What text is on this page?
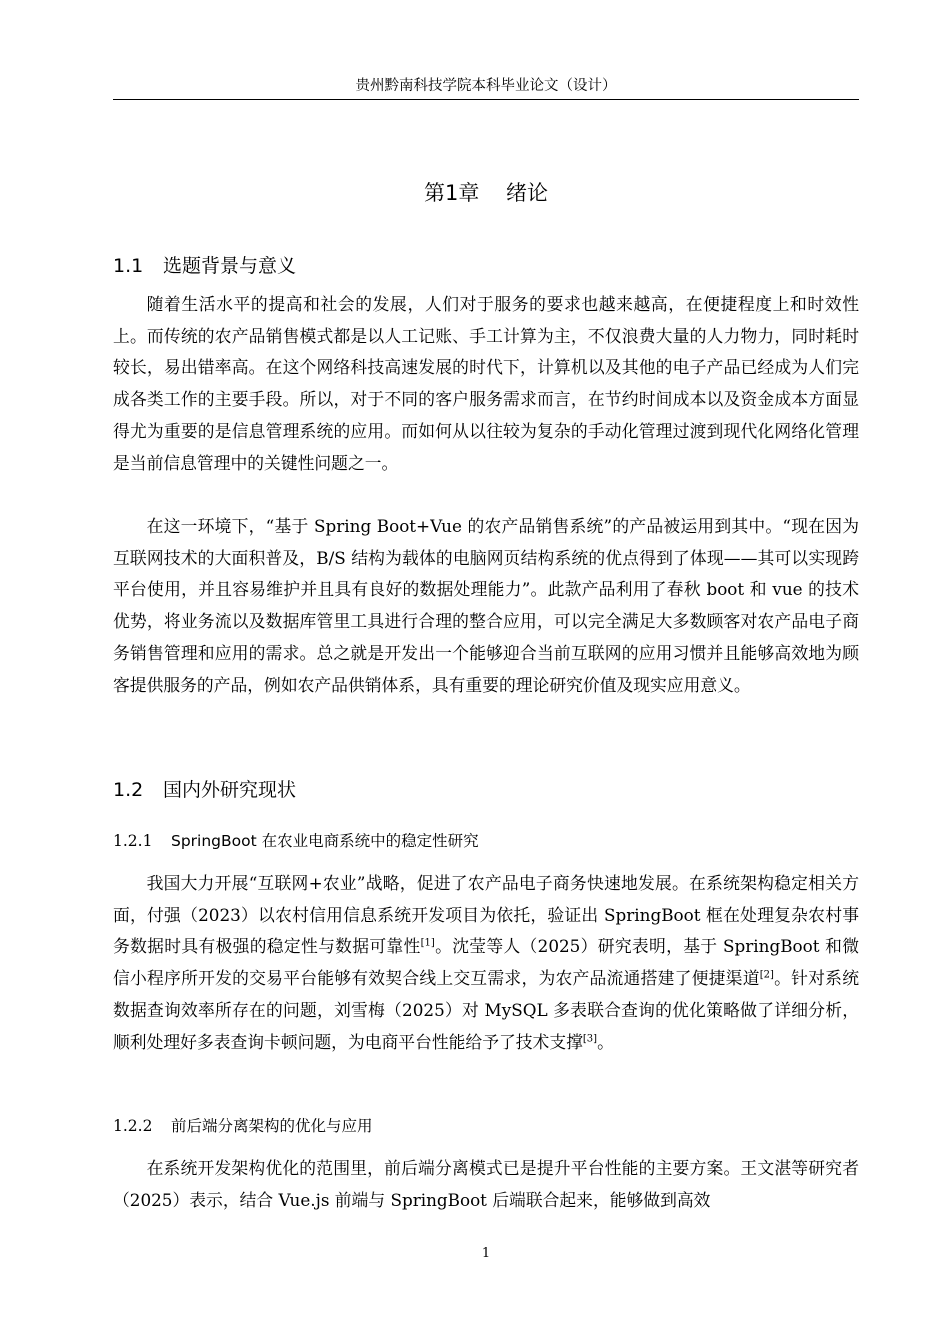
贵州黔南科技学院本科毕业论文（设计）
第1章    绪论
1.1 选题背景与意义

随着生活水平的提高和社会的发展，人们对于服务的要求也越来越高，在便捷程度上和时效性上。而传统的农产品销售模式都是以人工记账、手工计算为主，不仅浪费大量的人力物力，同时耗时较长，易出错率高。在这个网络科技高速发展的时代下，计算机以及其他的电子产品已经成为人们完成各类工作的主要手段。所以，对于不同的客户服务需求而言，在节约时间成本以及资金成本方面显得尤为重要的是信息管理系统的应用。而如何从以往较为复杂的手动化管理过渡到现代化网络化管理是当前信息管理中的关键性问题之一。

在这一环境下，“基于 Spring Boot+Vue 的农产品销售系统”的产品被运用到其中。“现在因为互联网技术的大面积普及，B/S 结构为载体的电脑网页结构系统的优点得到了体现——其可以实现跨平台使用，并且容易维护并且具有良好的数据处理能力”。此款产品利用了春秋 boot 和 vue 的技术优势，将业务流以及数据库管里工具进行合理的整合应用，可以完全满足大多数顾客对农产品电子商务销售管理和应用的需求。总之就是开发出一个能够迎合当前互联网的应用习惯并且能够高效地为顾客提供服务的产品，例如农产品供销体系，具有重要的理论研究价值及现实应用意义。

1.2 国内外研究现状
1.2.1 SpringBoot 在农业电商系统中的稳定性研究

我国大力开展“互联网+农业”战略，促进了农产品电子商务快速地发展。在系统架构稳定相关方面，付强（2023）以农村信用信息系统开发项目为依托，验证出 SpringBoot 框在处理复杂农村事务数据时具有极强的稳定性与数据可靠性[1]。沈莹等人（2025）研究表明，基于 SpringBoot 和微信小程序所开发的交易平台能够有效契合线上交互需求，为农产品流通搭建了便捷渠道[2]。针对系统数据查询效率所存在的问题，刘雪梅（2025）对 MySQL 多表联合查询的优化策略做了详细分析，顺利处理好多表查询卡顿问题，为电商平台性能给予了技术支撑[3]。

1.2.2 前后端分离架构的优化与应用

在系统开发架构优化的范围里，前后端分离模式已是提升平台性能的主要方案。王文湛等研究者（2025）表示，结合 Vue.js 前端与 SpringBoot 后端联合起来，能够做到高效

1
